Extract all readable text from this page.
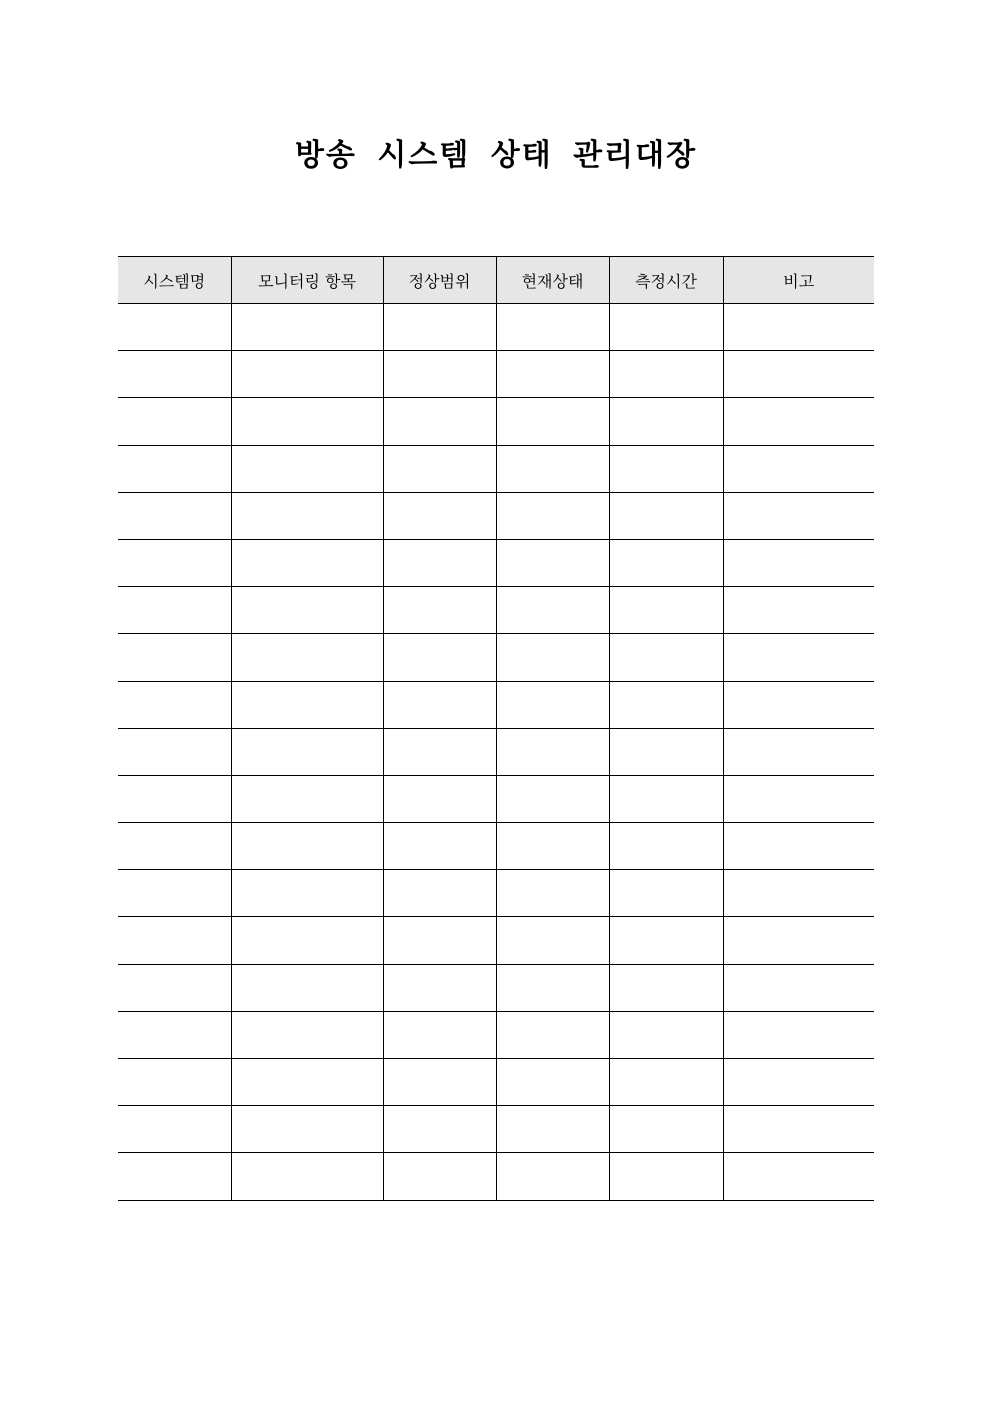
방송 시스템 상태 관리대장
시스템명	모니터링 항목	정상범위	현재상태	측정시간	비고
